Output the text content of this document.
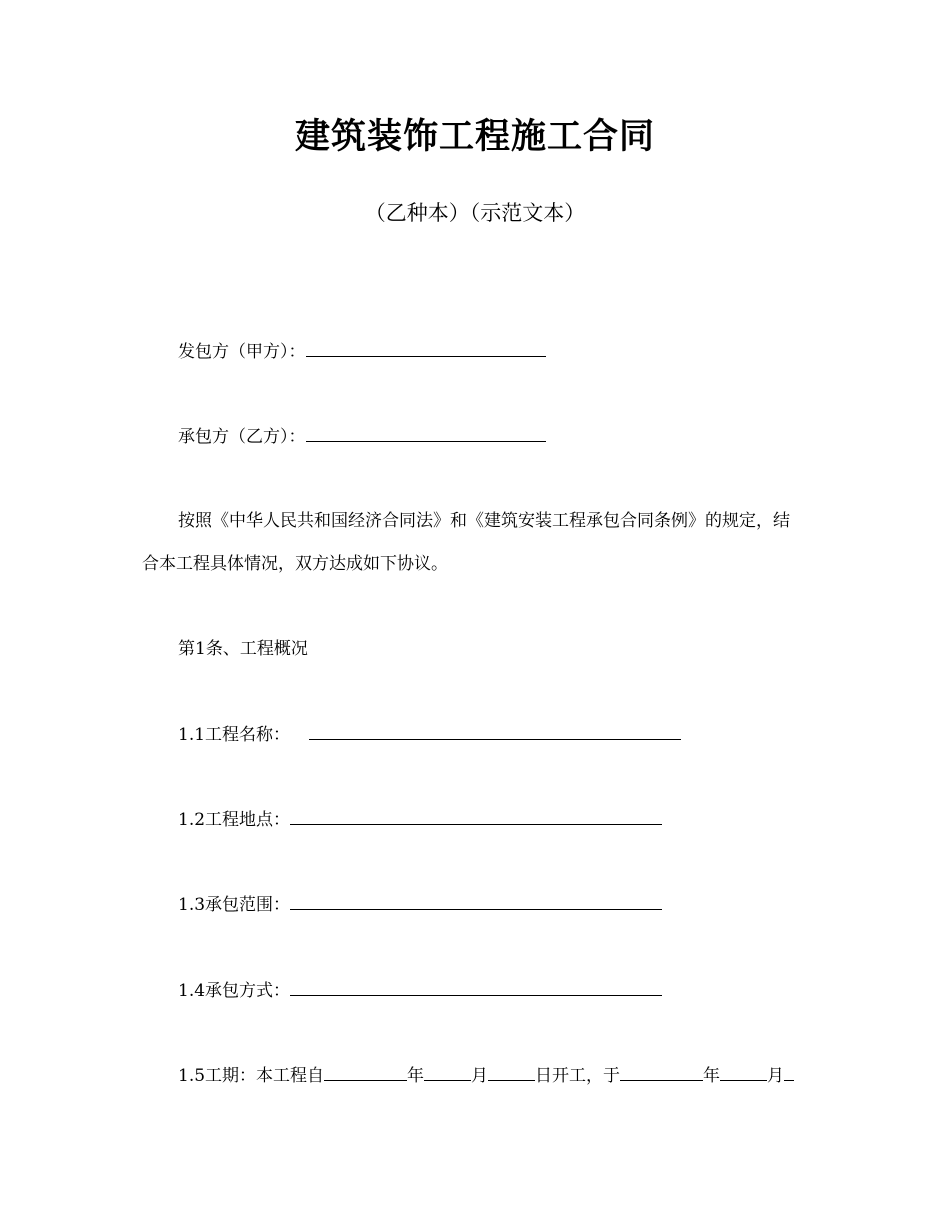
建筑装饰工程施工合同
（乙种本）（示范文本）
发包方（甲方）：
承包方（乙方）：
按照《中华人民共和国经济合同法》和《建筑安装工程承包合同条例》的规定，结
合本工程具体情况，双方达成如下协议。
第1条、工程概况
1.1工程名称：
1.2工程地点：
1.3承包范围：
1.4承包方式：
1.5工期：本工程自	年	月	日开工，于	年	月
